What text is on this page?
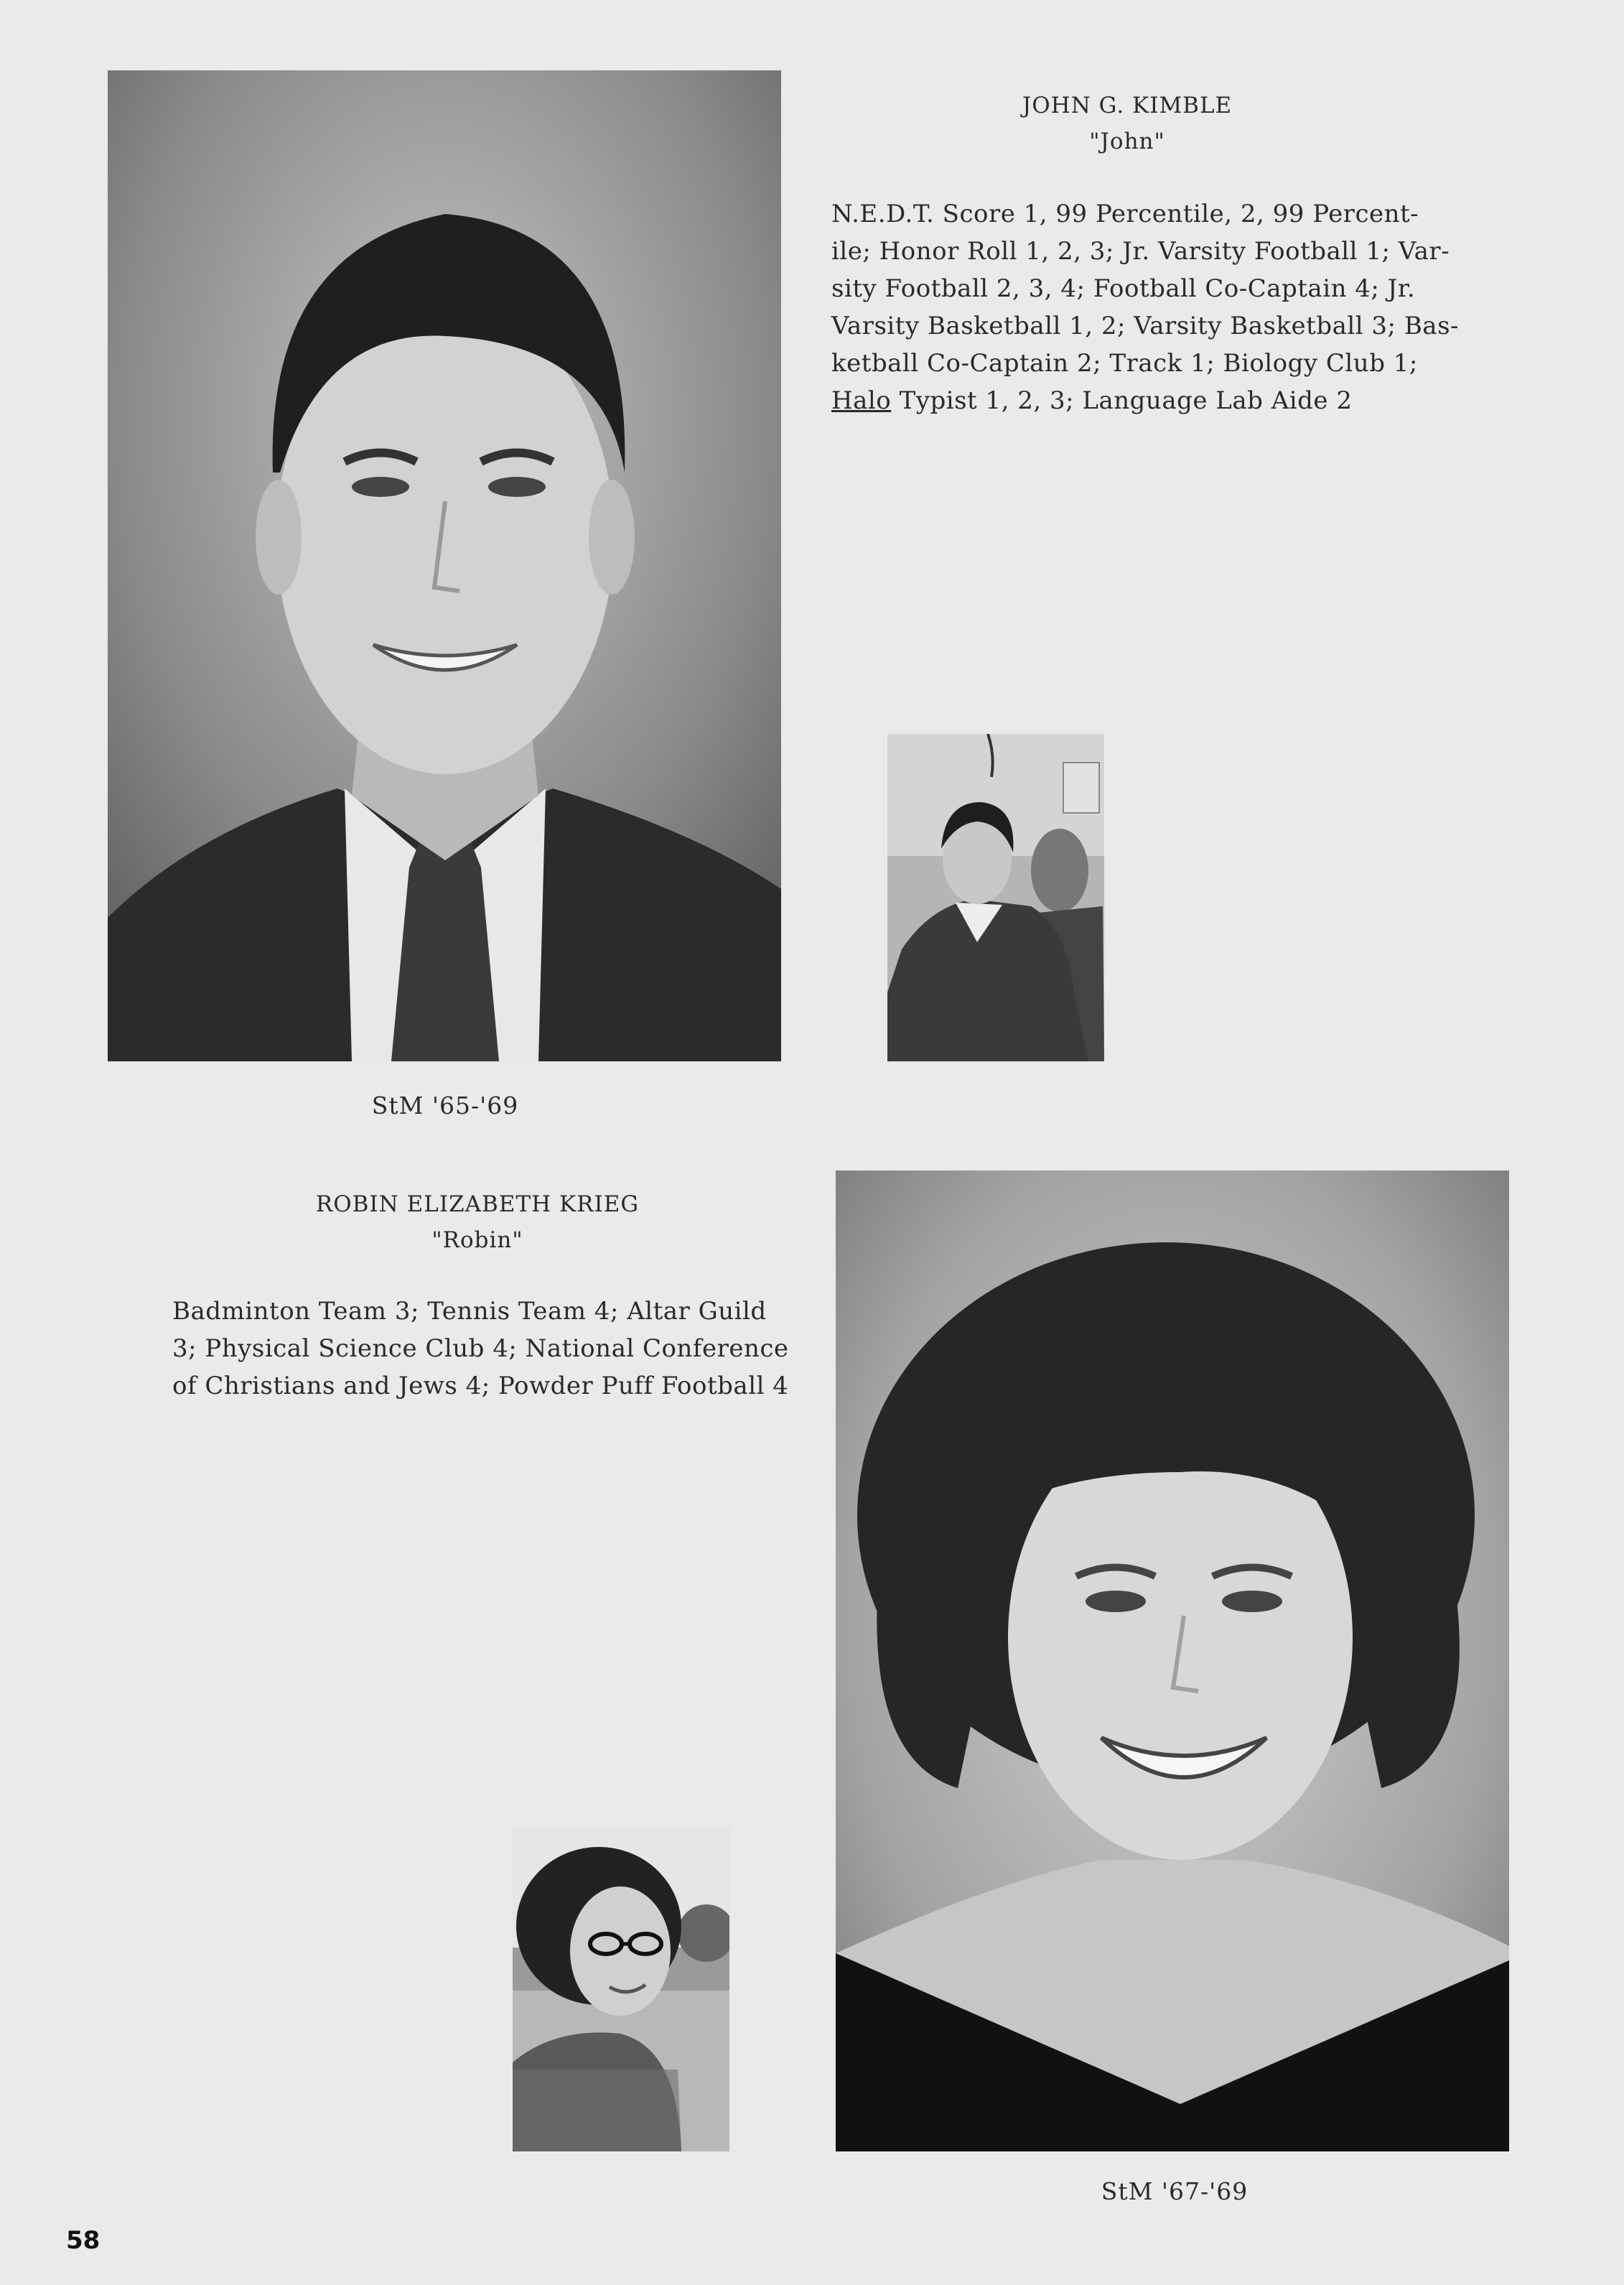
JOHN G. KIMBLE
"John"
N.E.D.T. Score 1, 99 Percentile, 2, 99 Percent-
ile; Honor Roll 1, 2, 3; Jr. Varsity Football 1; Var-
sity Football 2, 3, 4; Football Co-Captain 4; Jr.
Varsity Basketball 1, 2; Varsity Basketball 3; Bas-
ketball Co-Captain 2; Track 1; Biology Club 1;
Halo Typist 1, 2, 3; Language Lab Aide 2
StM '65-'69
ROBIN ELIZABETH KRIEG
"Robin"
Badminton Team 3; Tennis Team 4; Altar Guild
3; Physical Science Club 4; National Conference
of Christians and Jews 4; Powder Puff Football 4
StM '67-'69
58
